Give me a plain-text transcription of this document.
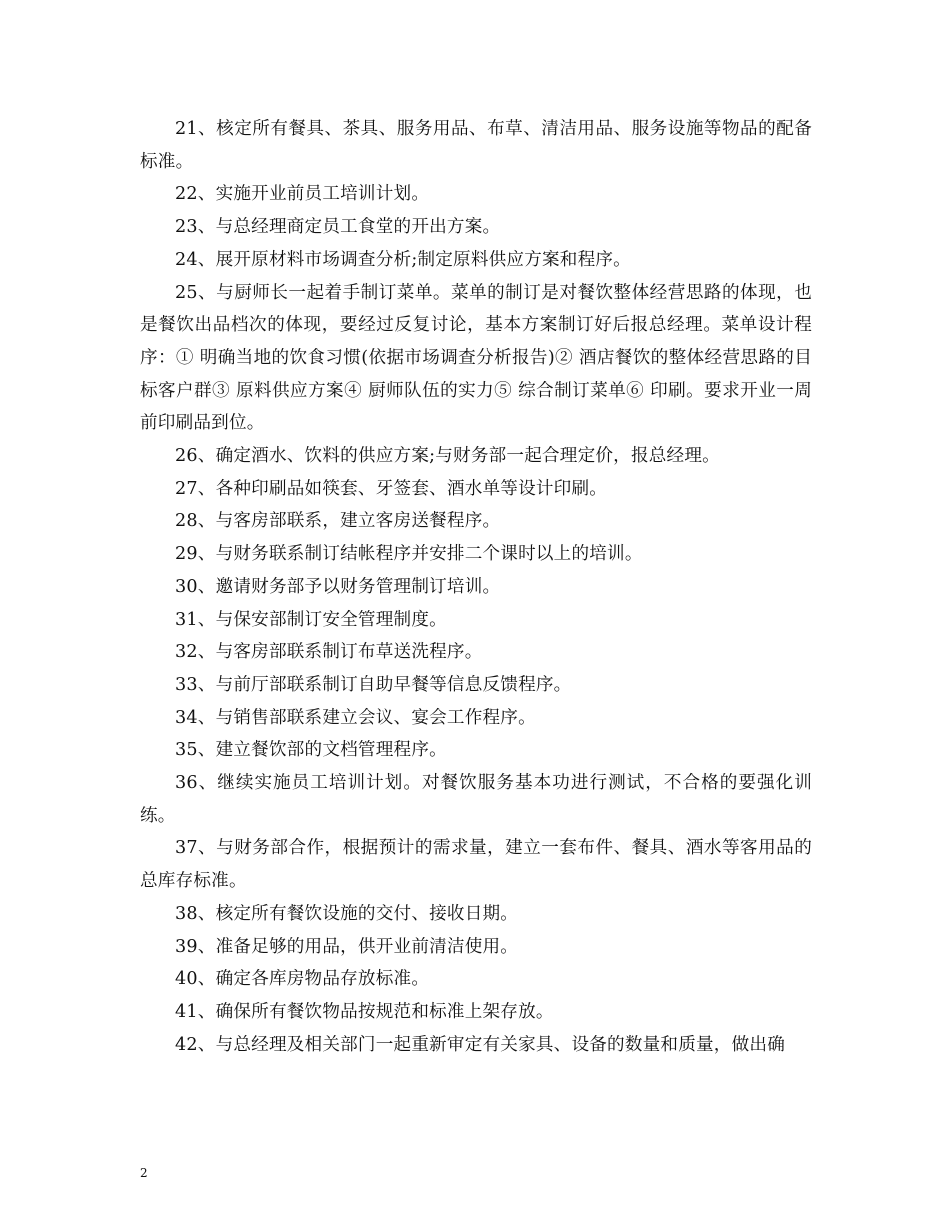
21、核定所有餐具、茶具、服务用品、布草、清洁用品、服务设施等物品的配备标准。

22、实施开业前员工培训计划。

23、与总经理商定员工食堂的开出方案。

24、展开原材料市场调查分析;制定原料供应方案和程序。

25、与厨师长一起着手制订菜单。菜单的制订是对餐饮整体经营思路的体现，也是餐饮出品档次的体现，要经过反复讨论，基本方案制订好后报总经理。菜单设计程序：① 明确当地的饮食习惯(依据市场调查分析报告)② 酒店餐饮的整体经营思路的目标客户群③ 原料供应方案④ 厨师队伍的实力⑤ 综合制订菜单⑥ 印刷。要求开业一周前印刷品到位。

26、确定酒水、饮料的供应方案;与财务部一起合理定价，报总经理。

27、各种印刷品如筷套、牙签套、酒水单等设计印刷。

28、与客房部联系，建立客房送餐程序。

29、与财务联系制订结帐程序并安排二个课时以上的培训。

30、邀请财务部予以财务管理制订培训。

31、与保安部制订安全管理制度。

32、与客房部联系制订布草送洗程序。

33、与前厅部联系制订自助早餐等信息反馈程序。

34、与销售部联系建立会议、宴会工作程序。

35、建立餐饮部的文档管理程序。

36、继续实施员工培训计划。对餐饮服务基本功进行测试，不合格的要强化训练。

37、与财务部合作，根据预计的需求量，建立一套布件、餐具、酒水等客用品的总库存标准。

38、核定所有餐饮设施的交付、接收日期。

39、准备足够的用品，供开业前清洁使用。

40、确定各库房物品存放标准。

41、确保所有餐饮物品按规范和标准上架存放。

42、与总经理及相关部门一起重新审定有关家具、设备的数量和质量，做出确

2
